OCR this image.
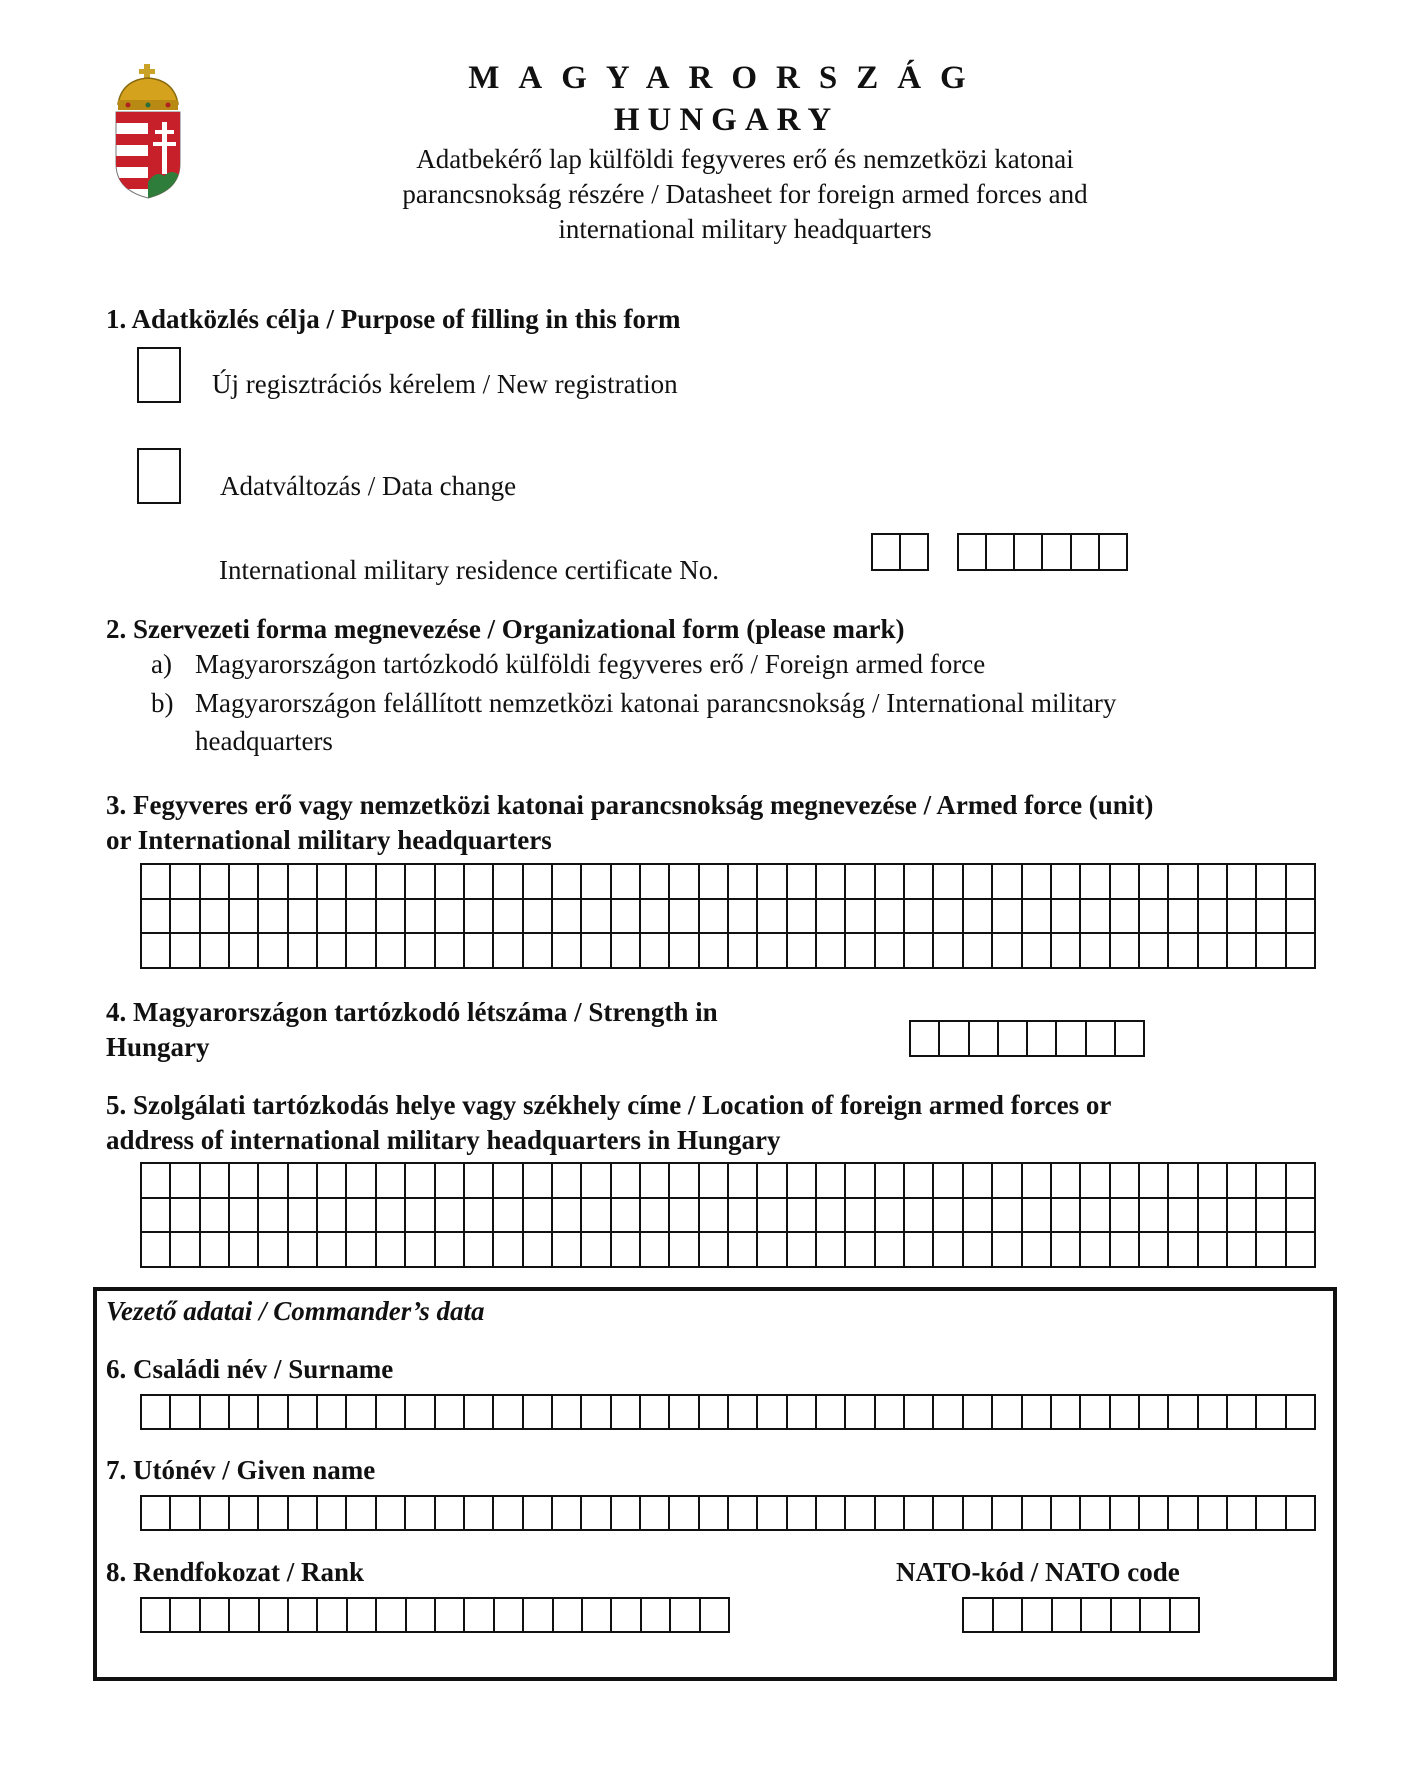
MAGYARORSZÁG
HUNGARY
Adatbekérő lap külföldi fegyveres erő és nemzetközi katonai
parancsnokság részére / Datasheet for foreign armed forces and
international military headquarters
1. Adatközlés célja / Purpose of filling in this form
Új regisztrációs kérelem / New registration
Adatváltozás / Data change
International military residence certificate No.
2. Szervezeti forma megnevezése / Organizational form (please mark)
a) Magyarországon tartózkodó külföldi fegyveres erő / Foreign armed force
b) Magyarországon felállított nemzetközi katonai parancsnokság / International military
headquarters
3. Fegyveres erő vagy nemzetközi katonai parancsnokság megnevezése / Armed force (unit)
or International military headquarters
4. Magyarországon tartózkodó létszáma / Strength in
Hungary
5. Szolgálati tartózkodás helye vagy székhely címe / Location of foreign armed forces or
address of international military headquarters in Hungary
Vezető adatai / Commander’s data
6. Családi név / Surname
7. Utónév / Given name
8. Rendfokozat / Rank	NATO-kód / NATO code
